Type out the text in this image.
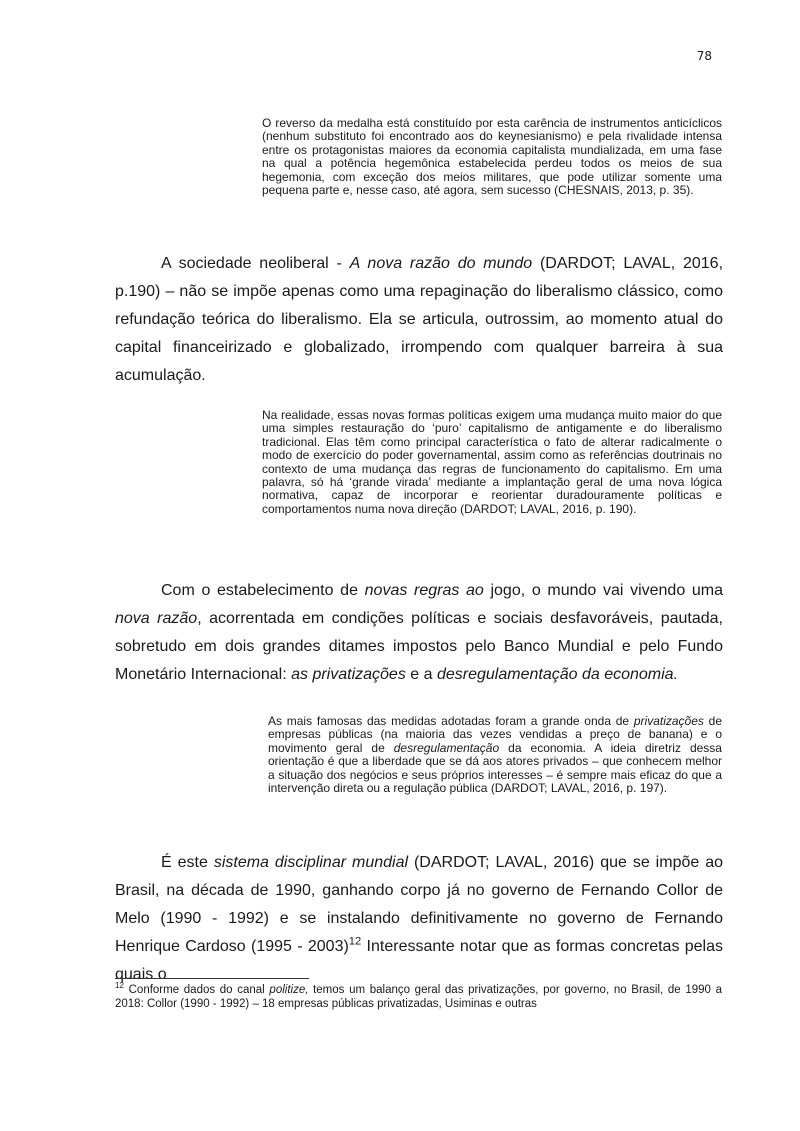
78
O reverso da medalha está constituído por esta carência de instrumentos anticíclicos (nenhum substituto foi encontrado aos do keynesianismo) e pela rivalidade intensa entre os protagonistas maiores da economia capitalista mundializada, em uma fase na qual a potência hegemônica estabelecida perdeu todos os meios de sua hegemonia, com exceção dos meios militares, que pode utilizar somente uma pequena parte e, nesse caso, até agora, sem sucesso (CHESNAIS, 2013, p. 35).
A sociedade neoliberal - A nova razão do mundo (DARDOT; LAVAL, 2016, p.190) – não se impõe apenas como uma repaginação do liberalismo clássico, como refundação teórica do liberalismo. Ela se articula, outrossim, ao momento atual do capital financeirizado e globalizado, irrompendo com qualquer barreira à sua acumulação.
Na realidade, essas novas formas políticas exigem uma mudança muito maior do que uma simples restauração do ‘puro’ capitalismo de antigamente e do liberalismo tradicional. Elas têm como principal característica o fato de alterar radicalmente o modo de exercício do poder governamental, assim como as referências doutrinais no contexto de uma mudança das regras de funcionamento do capitalismo. Em uma palavra, só há ‘grande virada’ mediante a implantação geral de uma nova lógica normativa, capaz de incorporar e reorientar duradouramente políticas e comportamentos numa nova direção (DARDOT; LAVAL, 2016, p. 190).
Com o estabelecimento de novas regras ao jogo, o mundo vai vivendo uma nova razão, acorrentada em condições políticas e sociais desfavoráveis, pautada, sobretudo em dois grandes ditames impostos pelo Banco Mundial e pelo Fundo Monetário Internacional: as privatizações e a desregulamentação da economia.
As mais famosas das medidas adotadas foram a grande onda de privatizações de empresas públicas (na maioria das vezes vendidas a preço de banana) e o movimento geral de desregulamentação da economia. A ideia diretriz dessa orientação é que a liberdade que se dá aos atores privados – que conhecem melhor a situação dos negócios e seus próprios interesses – é sempre mais eficaz do que a intervenção direta ou a regulação pública (DARDOT; LAVAL, 2016, p. 197).
É este sistema disciplinar mundial (DARDOT; LAVAL, 2016) que se impõe ao Brasil, na década de 1990, ganhando corpo já no governo de Fernando Collor de Melo (1990 - 1992) e se instalando definitivamente no governo de Fernando Henrique Cardoso (1995 - 2003)$^{12}$ Interessante notar que as formas concretas pelas quais o
$^{12}$ Conforme dados do canal politize, temos um balanço geral das privatizações, por governo, no Brasil, de 1990 a 2018: Collor (1990 - 1992) – 18 empresas públicas privatizadas, Usiminas e outras
